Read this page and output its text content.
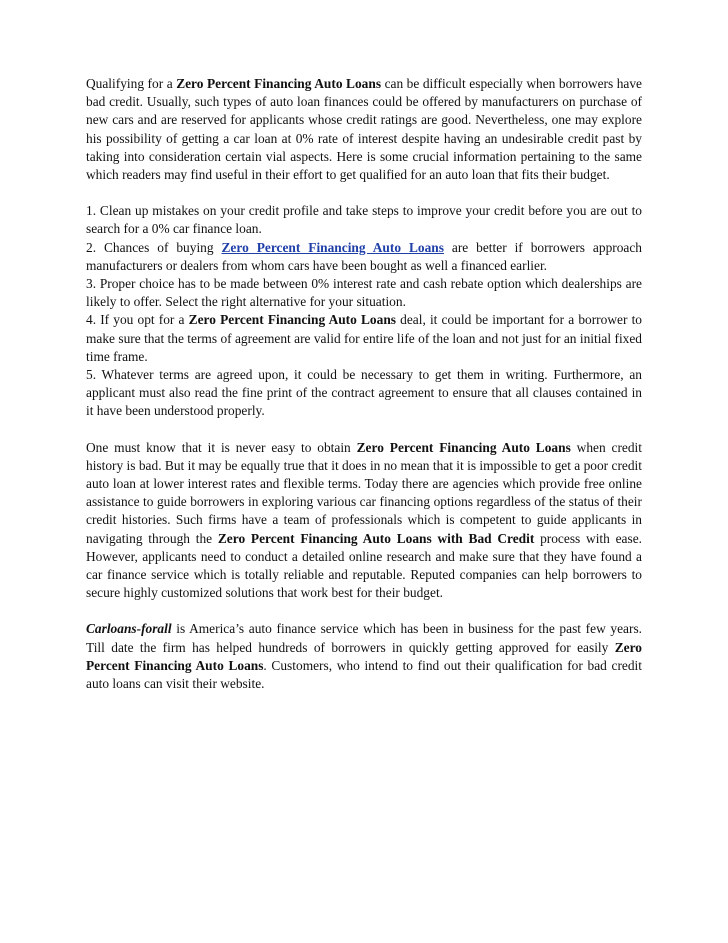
Qualifying for a Zero Percent Financing Auto Loans can be difficult especially when borrowers have bad credit. Usually, such types of auto loan finances could be offered by manufacturers on purchase of new cars and are reserved for applicants whose credit ratings are good. Nevertheless, one may explore his possibility of getting a car loan at 0% rate of interest despite having an undesirable credit past by taking into consideration certain vial aspects. Here is some crucial information pertaining to the same which readers may find useful in their effort to get qualified for an auto loan that fits their budget.

1. Clean up mistakes on your credit profile and take steps to improve your credit before you are out to search for a 0% car finance loan.

2. Chances of buying Zero Percent Financing Auto Loans are better if borrowers approach manufacturers or dealers from whom cars have been bought as well a financed earlier.

3. Proper choice has to be made between 0% interest rate and cash rebate option which dealerships are likely to offer. Select the right alternative for your situation.

4. If you opt for a Zero Percent Financing Auto Loans deal, it could be important for a borrower to make sure that the terms of agreement are valid for entire life of the loan and not just for an initial fixed time frame.

5. Whatever terms are agreed upon, it could be necessary to get them in writing. Furthermore, an applicant must also read the fine print of the contract agreement to ensure that all clauses contained in it have been understood properly.

One must know that it is never easy to obtain Zero Percent Financing Auto Loans when credit history is bad. But it may be equally true that it does in no mean that it is impossible to get a poor credit auto loan at lower interest rates and flexible terms. Today there are agencies which provide free online assistance to guide borrowers in exploring various car financing options regardless of the status of their credit histories. Such firms have a team of professionals which is competent to guide applicants in navigating through the Zero Percent Financing Auto Loans with Bad Credit process with ease. However, applicants need to conduct a detailed online research and make sure that they have found a car finance service which is totally reliable and reputable. Reputed companies can help borrowers to secure highly customized solutions that work best for their budget.

Carloans-forall is America’s auto finance service which has been in business for the past few years. Till date the firm has helped hundreds of borrowers in quickly getting approved for easily Zero Percent Financing Auto Loans. Customers, who intend to find out their qualification for bad credit auto loans can visit their website.
